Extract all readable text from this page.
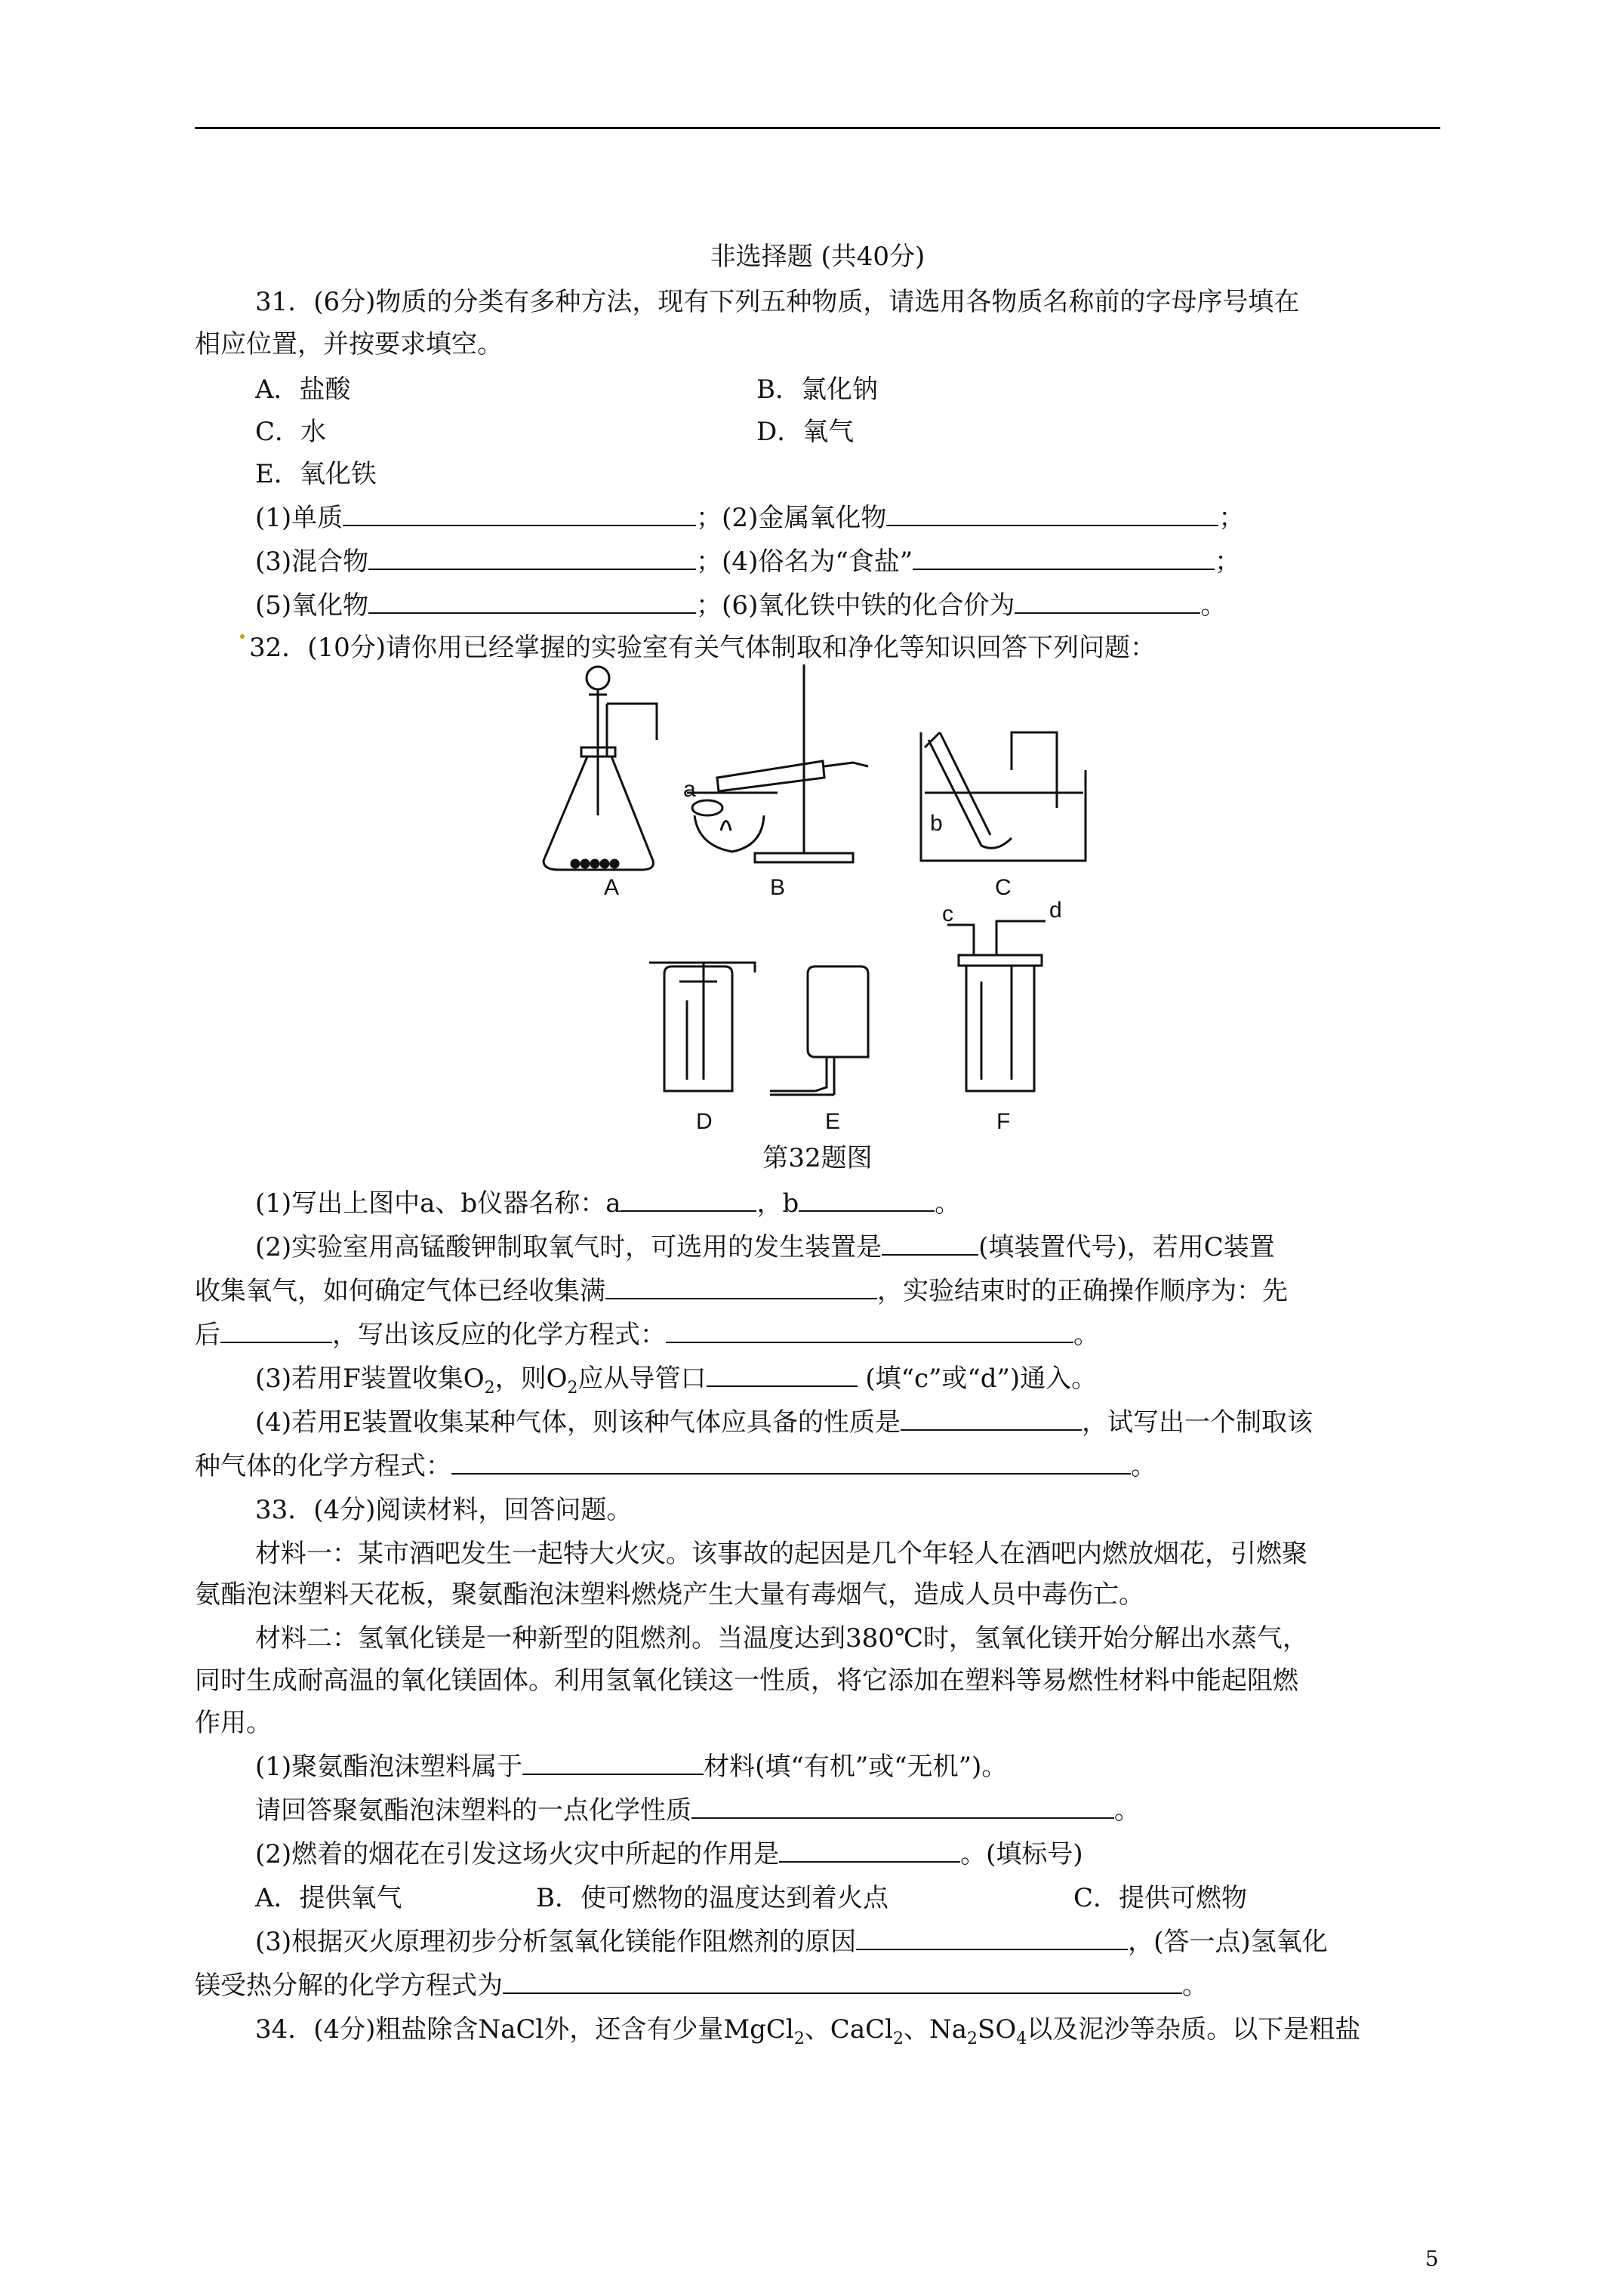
非选择题 (共40分)
31．(6分)物质的分类有多种方法，现有下列五种物质，请选用各物质名称前的字母序号填在
相应位置，并按要求填空。
A．盐酸	B．氯化钠
C．水	D．氧气
E．氧化铁
(1)单质	；(2)金属氧化物	；
(3)混合物	；(4)俗名为“食盐”	；
(5)氧化物	；(6)氧化铁中铁的化合价为	。
32．(10分)请你用已经掌握的实验室有关气体制取和净化等知识回答下列问题：
A	B	C
D	E	F
a
b
c	d
第32题图
(1)写出上图中a、b仪器名称：a	，b	。
(2)实验室用高锰酸钾制取氧气时，可选用的发生装置是	(填装置代号)，若用C装置
收集氧气，如何确定气体已经收集满	，实验结束时的正确操作顺序为：先
后	，写出该反应的化学方程式：	。
(3)若用F装置收集$O_2$，则$O_2$应从导管口	(填“c”或“d”)通入。
(4)若用E装置收集某种气体，则该种气体应具备的性质是	，试写出一个制取该
种气体的化学方程式：	。
33．(4分)阅读材料，回答问题。
材料一：某市酒吧发生一起特大火灾。该事故的起因是几个年轻人在酒吧内燃放烟花，引燃聚
氨酯泡沫塑料天花板，聚氨酯泡沫塑料燃烧产生大量有毒烟气，造成人员中毒伤亡。
材料二：氢氧化镁是一种新型的阻燃剂。当温度达到380℃时，氢氧化镁开始分解出水蒸气，
同时生成耐高温的氧化镁固体。利用氢氧化镁这一性质，将它添加在塑料等易燃性材料中能起阻燃
作用。
(1)聚氨酯泡沫塑料属于	材料(填“有机”或“无机”)。
请回答聚氨酯泡沫塑料的一点化学性质	。
(2)燃着的烟花在引发这场火灾中所起的作用是	。(填标号)
A．提供氧气	B．使可燃物的温度达到着火点	C．提供可燃物
(3)根据灭火原理初步分析氢氧化镁能作阻燃剂的原因	，(答一点)氢氧化
镁受热分解的化学方程式为	。
34．(4分)粗盐除含NaCl外，还含有少量MgCl$_2$、CaCl$_2$、$Na_2SO_4$以及泥沙等杂质。以下是粗盐
5
